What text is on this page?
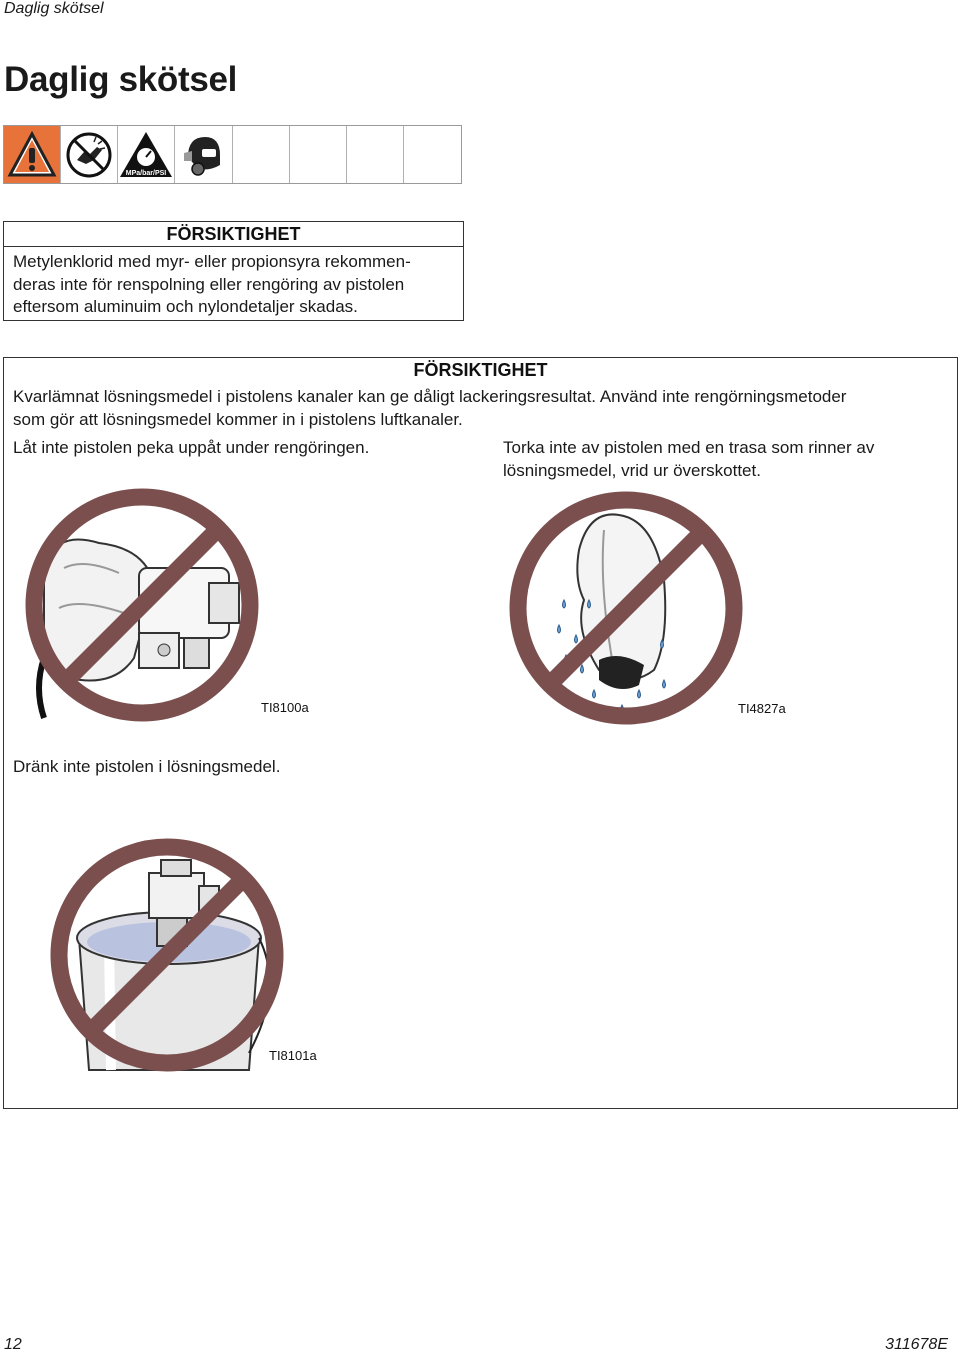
Daglig skötsel
Daglig skötsel
MPa/bar/PSI
FÖRSIKTIGHET
Metylenklorid med myr- eller propionsyra rekommen-
deras inte för renspolning eller rengöring av pistolen
eftersom aluminuim och nylondetaljer skadas.
FÖRSIKTIGHET
Kvarlämnat lösningsmedel i pistolens kanaler kan ge dåligt lackeringsresultat. Använd inte rengörningsmetoder
som gör att lösningsmedel kommer in i pistolens luftkanaler.
Låt inte pistolen peka uppåt under rengöringen.	Torka inte av pistolen med en trasa som rinner av
lösningsmedel, vrid ur överskottet.
TI8100a	TI4827a
Dränk inte pistolen i lösningsmedel.
TI8101a
12	311678E
